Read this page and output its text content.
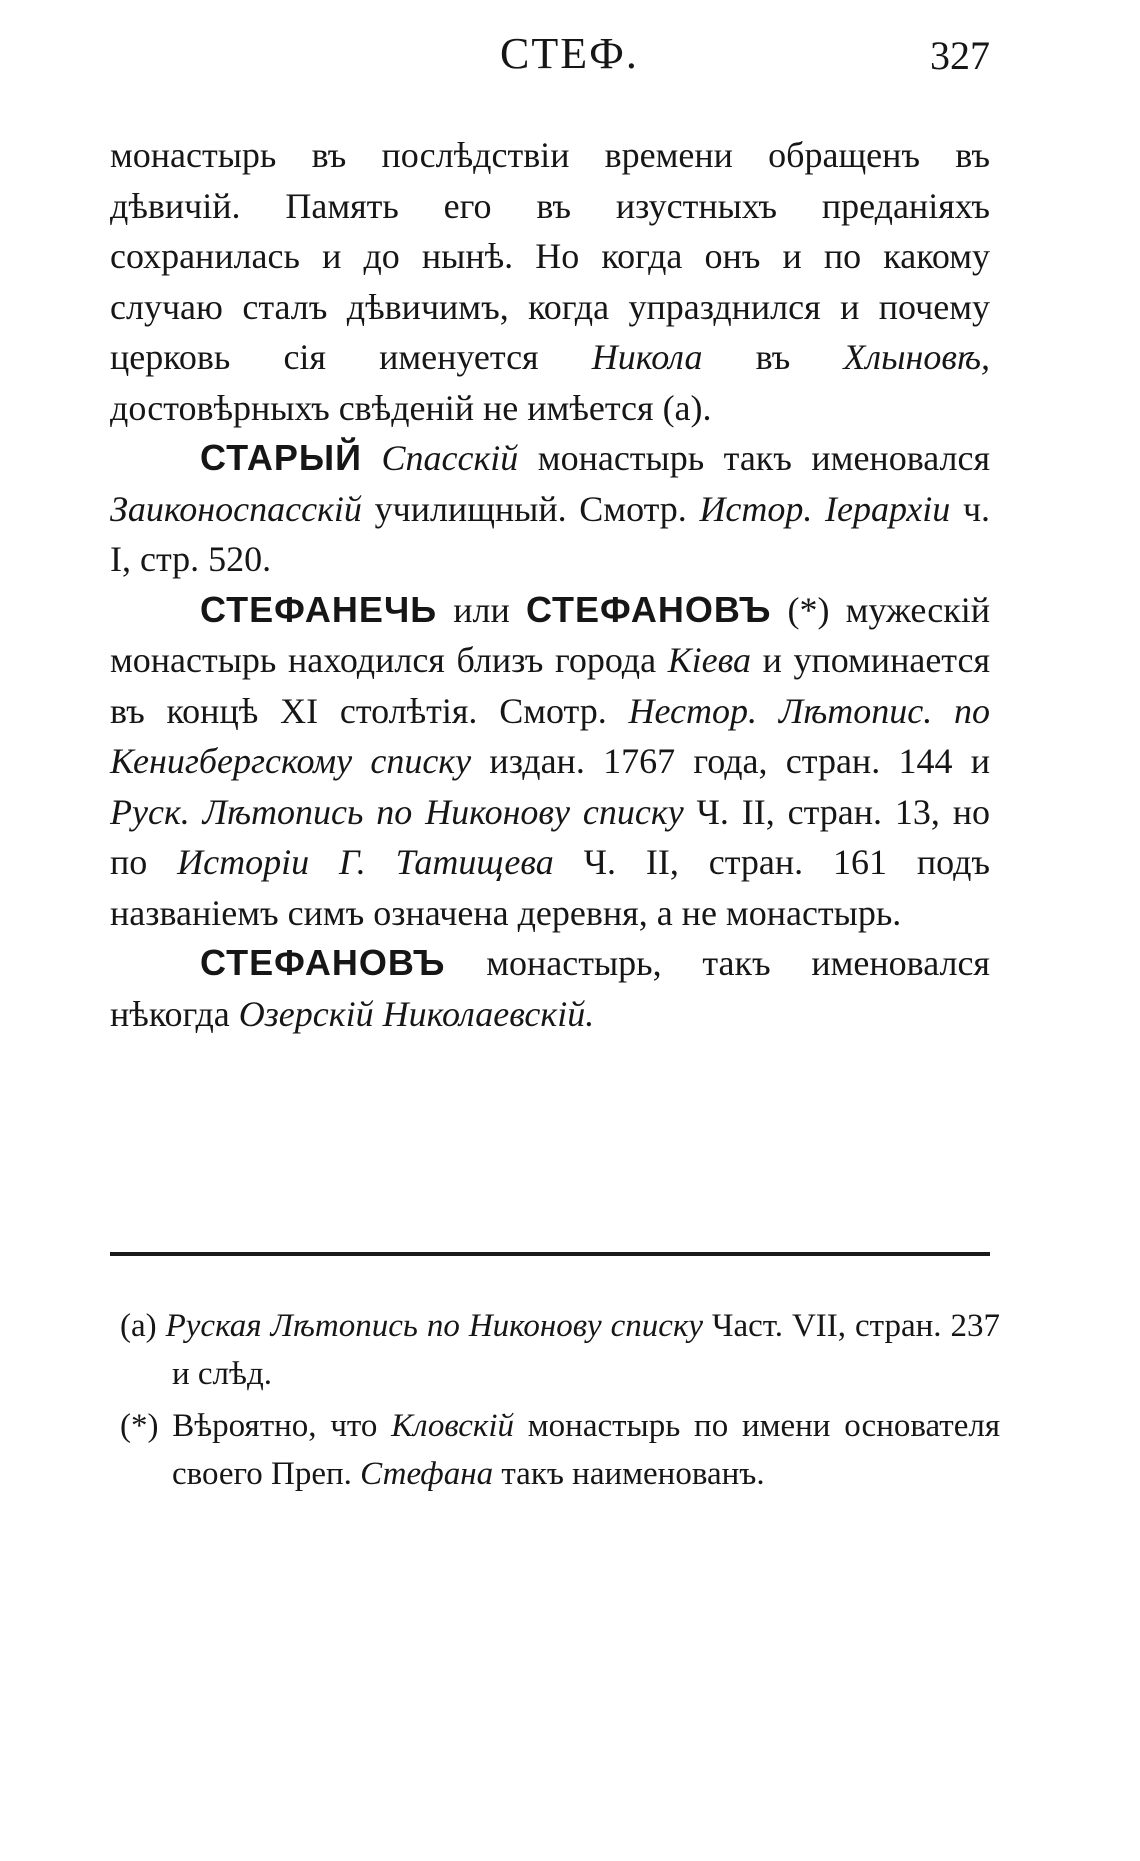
СТЕФ.	327

монастырь въ послѣдствіи времени обращенъ въ дѣвичій. Память его въ изустныхъ преданіяхъ сохранилась и до нынѣ. Но когда онъ и по какому случаю сталъ дѣвичимъ, когда упразднился и почему церковь сія именуется Никола въ Хлыновѣ, достовѣрныхъ свѣденій не имѣется (а).

СТАРЫЙ Спасскій монастырь такъ именовался Заиконоспасскій училищный. Смотр. Истор. Iерархіи ч. I, стр. 520.

СТЕФАНЕЧЬ или СТЕФАНОВЪ (*) мужескій монастырь находился близъ города Кіева и упоминается въ концѣ XI столѣтія. Смотр. Нестор. Лѣтопис. по Кенигбергскому списку издан. 1767 года, стран. 144 и Руск. Лѣтопись по Никонову списку Ч. II, стран. 13, но по Исторіи Г. Татищева Ч. II, стран. 161 подъ названіемъ симъ означена деревня, а не монастырь.

СТЕФАНОВЪ монастырь, такъ именовался нѣкогда Озерскій Николаевскій.

(а) Руская Лѣтопись по Никонову списку Част. VII, стран. 237 и слѣд.

(*) Вѣроятно, что Кловскій монастырь по имени основателя своего Преп. Стефана такъ наименованъ.
